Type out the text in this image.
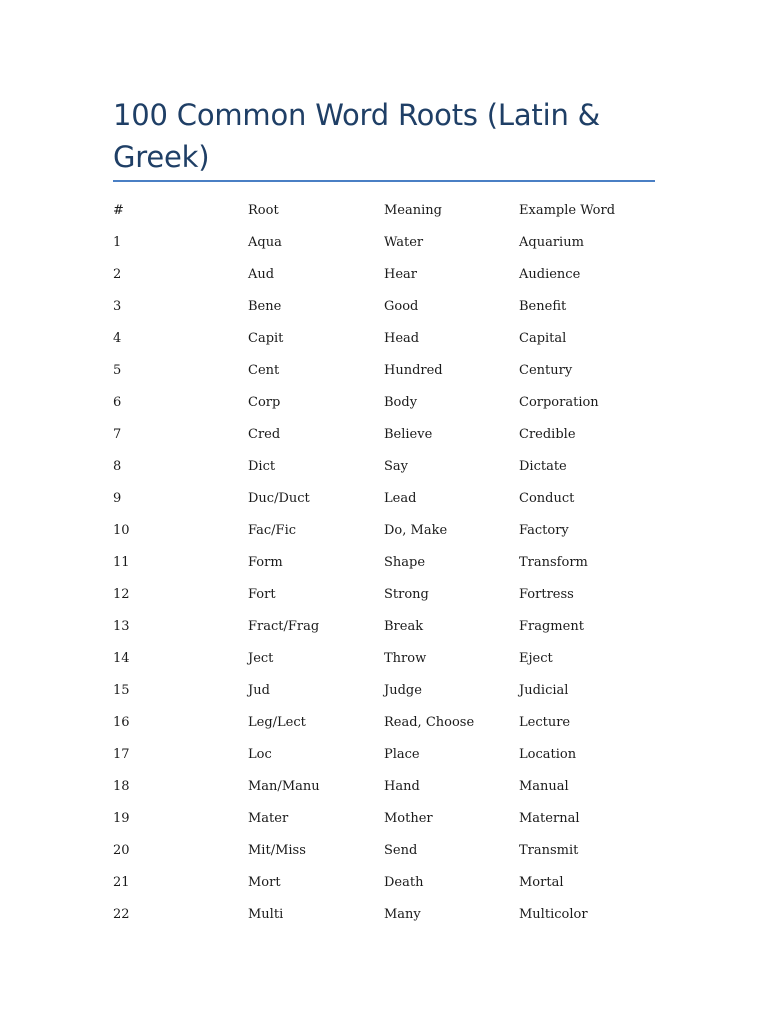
100 Common Word Roots (Latin & Greek)
#	Root	Meaning	Example Word
1	Aqua	Water	Aquarium
2	Aud	Hear	Audience
3	Bene	Good	Benefit
4	Capit	Head	Capital
5	Cent	Hundred	Century
6	Corp	Body	Corporation
7	Cred	Believe	Credible
8	Dict	Say	Dictate
9	Duc/Duct	Lead	Conduct
10	Fac/Fic	Do, Make	Factory
11	Form	Shape	Transform
12	Fort	Strong	Fortress
13	Fract/Frag	Break	Fragment
14	Ject	Throw	Eject
15	Jud	Judge	Judicial
16	Leg/Lect	Read, Choose	Lecture
17	Loc	Place	Location
18	Man/Manu	Hand	Manual
19	Mater	Mother	Maternal
20	Mit/Miss	Send	Transmit
21	Mort	Death	Mortal
22	Multi	Many	Multicolor
